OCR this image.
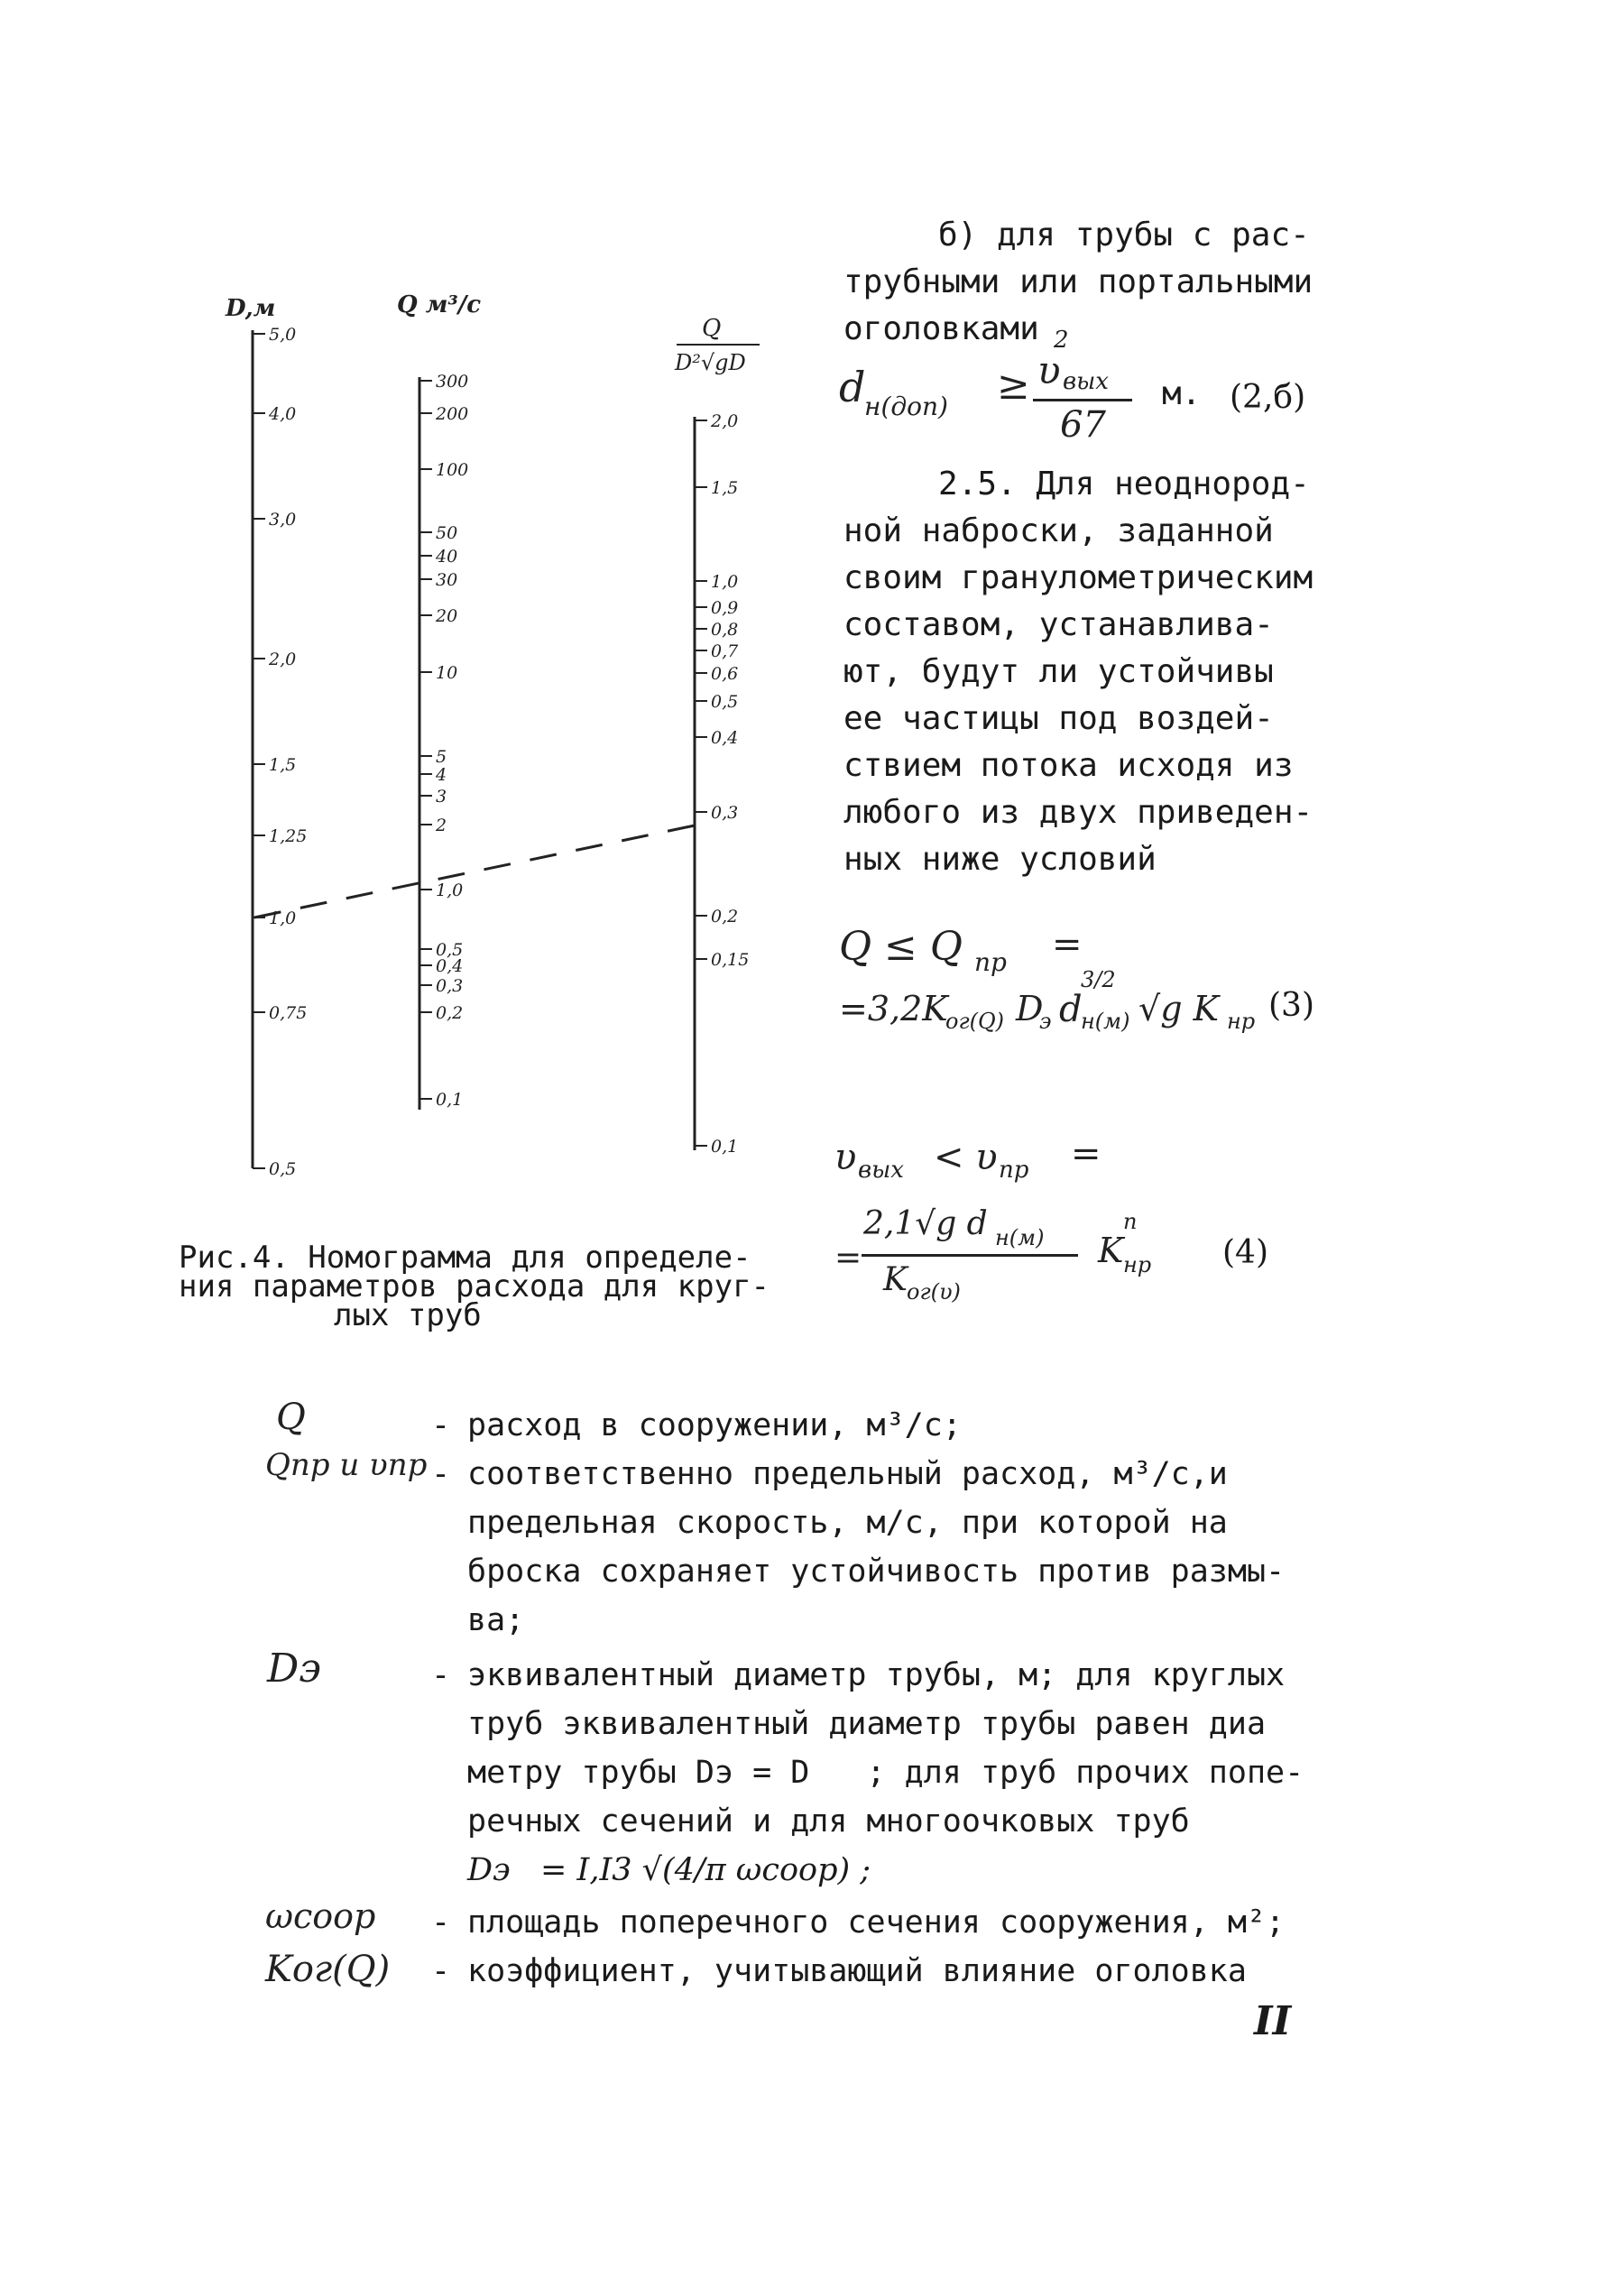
б) для трубы с рас-
трубными или портальными
оголовками
d
н(доп) ≥
2
υ вых
67
м. (2,б)
2.5. Для неоднород-
ной наброски, заданной
своим гранулометрическим
составом, устанавлива-
ют, будут ли устойчивы
ее частицы под воздей-
ствием потока исходя из
любого из двух приведен-
ных ниже условий
Q ≤ Q пр =
=3,2K
ог(Q) D
э d
3/2
н(м) √g K нр (3)
υ вых < υ пр =
=
2,1√g d н(м)
K ог(υ)
K
п
нр (4)
D,м	Q м³/с
Q
D²√gD
5,0
4,0
3,0
2,0
1,5
1,25
1,0
0,75
0,5
300
200
100
50
40
30
20
10
5
4
3
2
1,0
0,5
0,4
0,3
0,2
0,1
2,0
1,5
1,0
0,9
0,8
0,7
0,6
0,5
0,4
0,3
0,2
0,15
0,1
Рис.4. Номограмма для определе-
ния параметров расхода для круг-
лых труб
Q	- расход в сооружении, м³/с;
Qпр и υпр - соответственно предельный расход, м³/с,и
предельная скорость, м/с, при которой на
броска сохраняет устойчивость против размы-
ва;
Dэ	- эквивалентный диаметр трубы, м; для круглых
труб эквивалентный диаметр трубы равен диа
метру трубы Dэ = D   ; для труб прочих попе-
речных сечений и для многоочковых труб
Dэ   = I,I3 √(4/π ωсоор) ;
ωсоор - площадь поперечного сечения сооружения, м²;
Kог(Q) - коэффициент, учитывающий влияние оголовка
II
